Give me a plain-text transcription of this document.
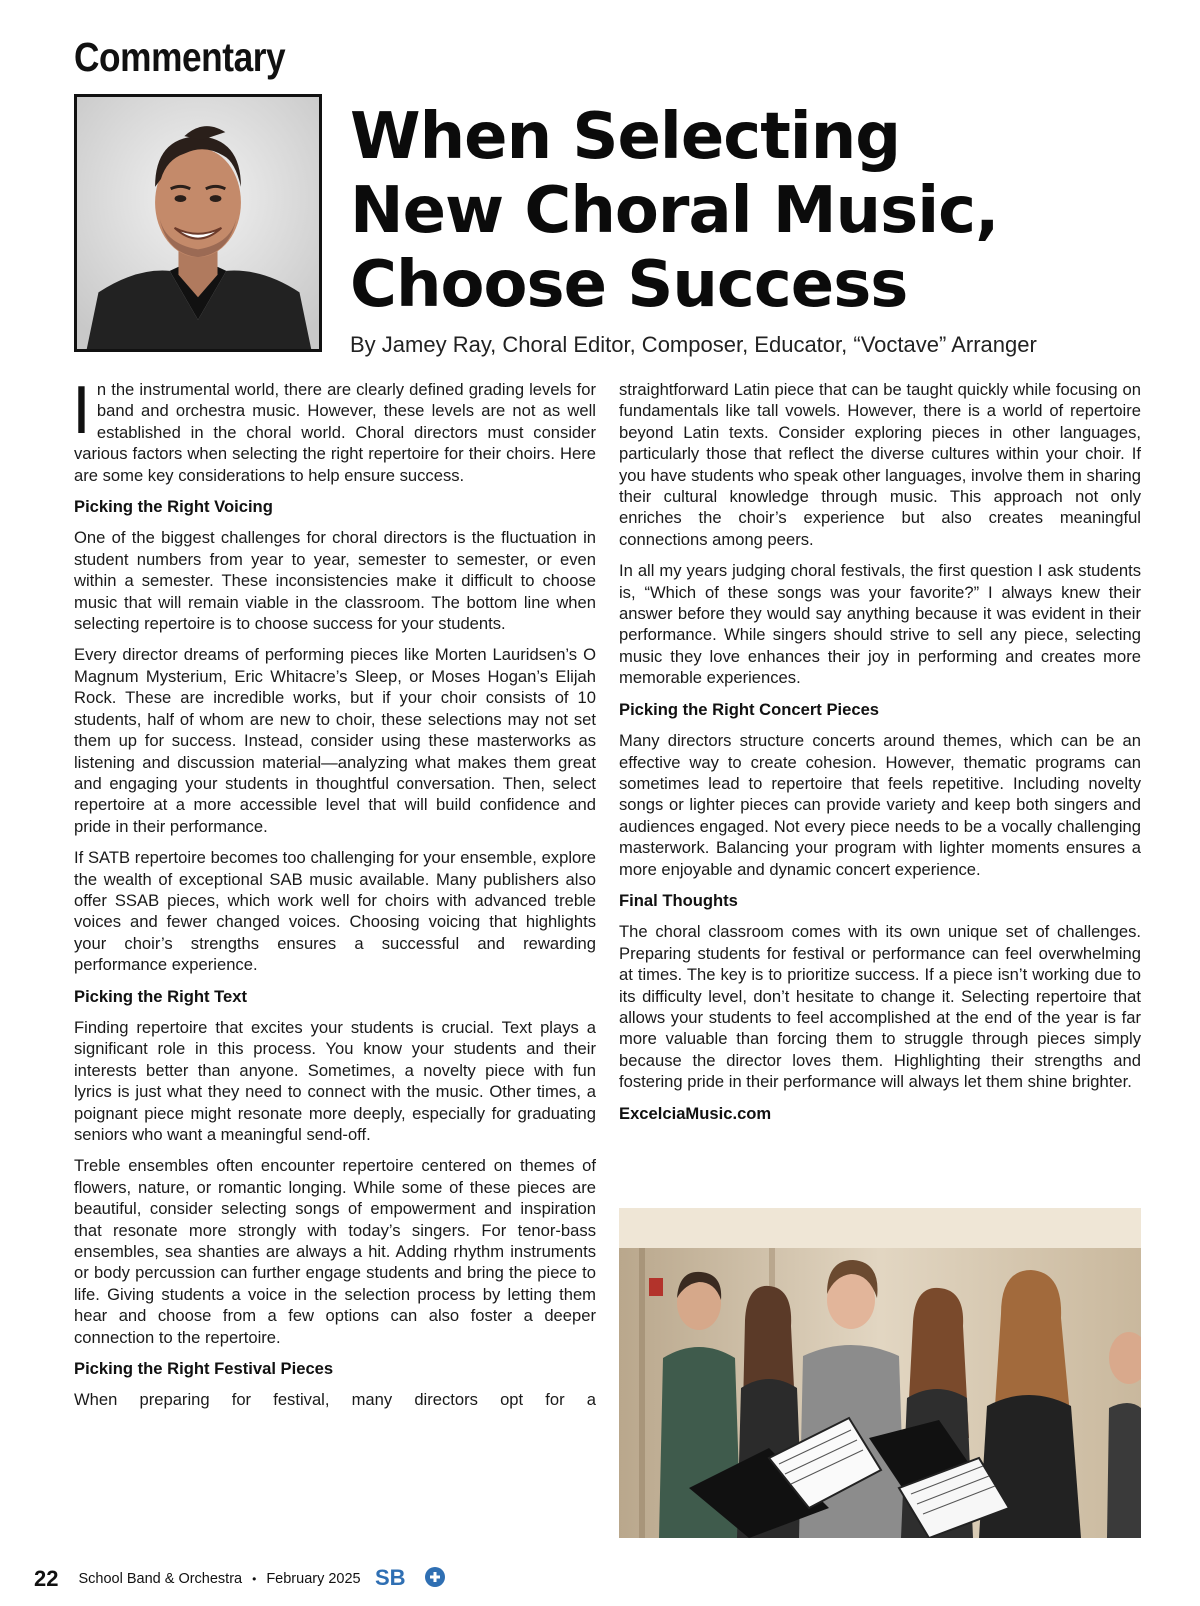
Commentary
When Selecting
New Choral Music,
Choose Success
By Jamey Ray, Choral Editor, Composer, Educator, “Voctave” Arranger

In the instrumental world, there are clearly defined grading levels for band and orchestra music. However, these levels are not as well established in the choral world. Choral directors must consider various factors when selecting the right repertoire for their choirs. Here are some key considerations to help ensure success.

Picking the Right Voicing

One of the biggest challenges for choral directors is the fluctuation in student numbers from year to year, semester to semester, or even within a semester. These inconsistencies make it difficult to choose music that will remain viable in the classroom. The bottom line when selecting repertoire is to choose success for your students.

Every director dreams of performing pieces like Morten Lauridsen’s O Magnum Mysterium, Eric Whitacre’s Sleep, or Moses Hogan’s Elijah Rock. These are incredible works, but if your choir consists of 10 students, half of whom are new to choir, these selections may not set them up for success. Instead, consider using these masterworks as listening and discussion material—analyzing what makes them great and engaging your students in thoughtful conversation. Then, select repertoire at a more accessible level that will build confidence and pride in their performance.

If SATB repertoire becomes too challenging for your ensemble, explore the wealth of exceptional SAB music available. Many publishers also offer SSAB pieces, which work well for choirs with advanced treble voices and fewer changed voices. Choosing voicing that highlights your choir’s strengths ensures a successful and rewarding performance experience.

Picking the Right Text

Finding repertoire that excites your students is crucial. Text plays a significant role in this process. You know your students and their interests better than anyone. Sometimes, a novelty piece with fun lyrics is just what they need to connect with the music. Other times, a poignant piece might resonate more deeply, especially for graduating seniors who want a meaningful send-off.

Treble ensembles often encounter repertoire centered on themes of flowers, nature, or romantic longing. While some of these pieces are beautiful, consider selecting songs of empowerment and inspiration that resonate more strongly with today’s singers. For tenor-bass ensembles, sea shanties are always a hit. Adding rhythm instruments or body percussion can further engage students and bring the piece to life. Giving students a voice in the selection process by letting them hear and choose from a few options can also foster a deeper connection to the repertoire.

Picking the Right Festival Pieces

When preparing for festival, many directors opt for a

straightforward Latin piece that can be taught quickly while focusing on fundamentals like tall vowels. However, there is a world of repertoire beyond Latin texts. Consider exploring pieces in other languages, particularly those that reflect the diverse cultures within your choir. If you have students who speak other languages, involve them in sharing their cultural knowledge through music. This approach not only enriches the choir’s experience but also creates meaningful connections among peers.

In all my years judging choral festivals, the first question I ask students is, “Which of these songs was your favorite?” I always knew their answer before they would say anything because it was evident in their performance. While singers should strive to sell any piece, selecting music they love enhances their joy in performing and creates more memorable experiences.

Picking the Right Concert Pieces

Many directors structure concerts around themes, which can be an effective way to create cohesion. However, thematic programs can sometimes lead to repertoire that feels repetitive. Including novelty songs or lighter pieces can provide variety and keep both singers and audiences engaged. Not every piece needs to be a vocally challenging masterwork. Balancing your program with lighter moments ensures a more enjoyable and dynamic concert experience.

Final Thoughts

The choral classroom comes with its own unique set of challenges. Preparing students for festival or performance can feel overwhelming at times. The key is to prioritize success. If a piece isn’t working due to its difficulty level, don’t hesitate to change it. Selecting repertoire that allows your students to feel accomplished at the end of the year is far more valuable than forcing them to struggle through pieces simply because the director loves them. Highlighting their strengths and fostering pride in their performance will always let them shine brighter.

ExcelciaMusic.com
22 School Band & Orchestra • February 2025 SB
